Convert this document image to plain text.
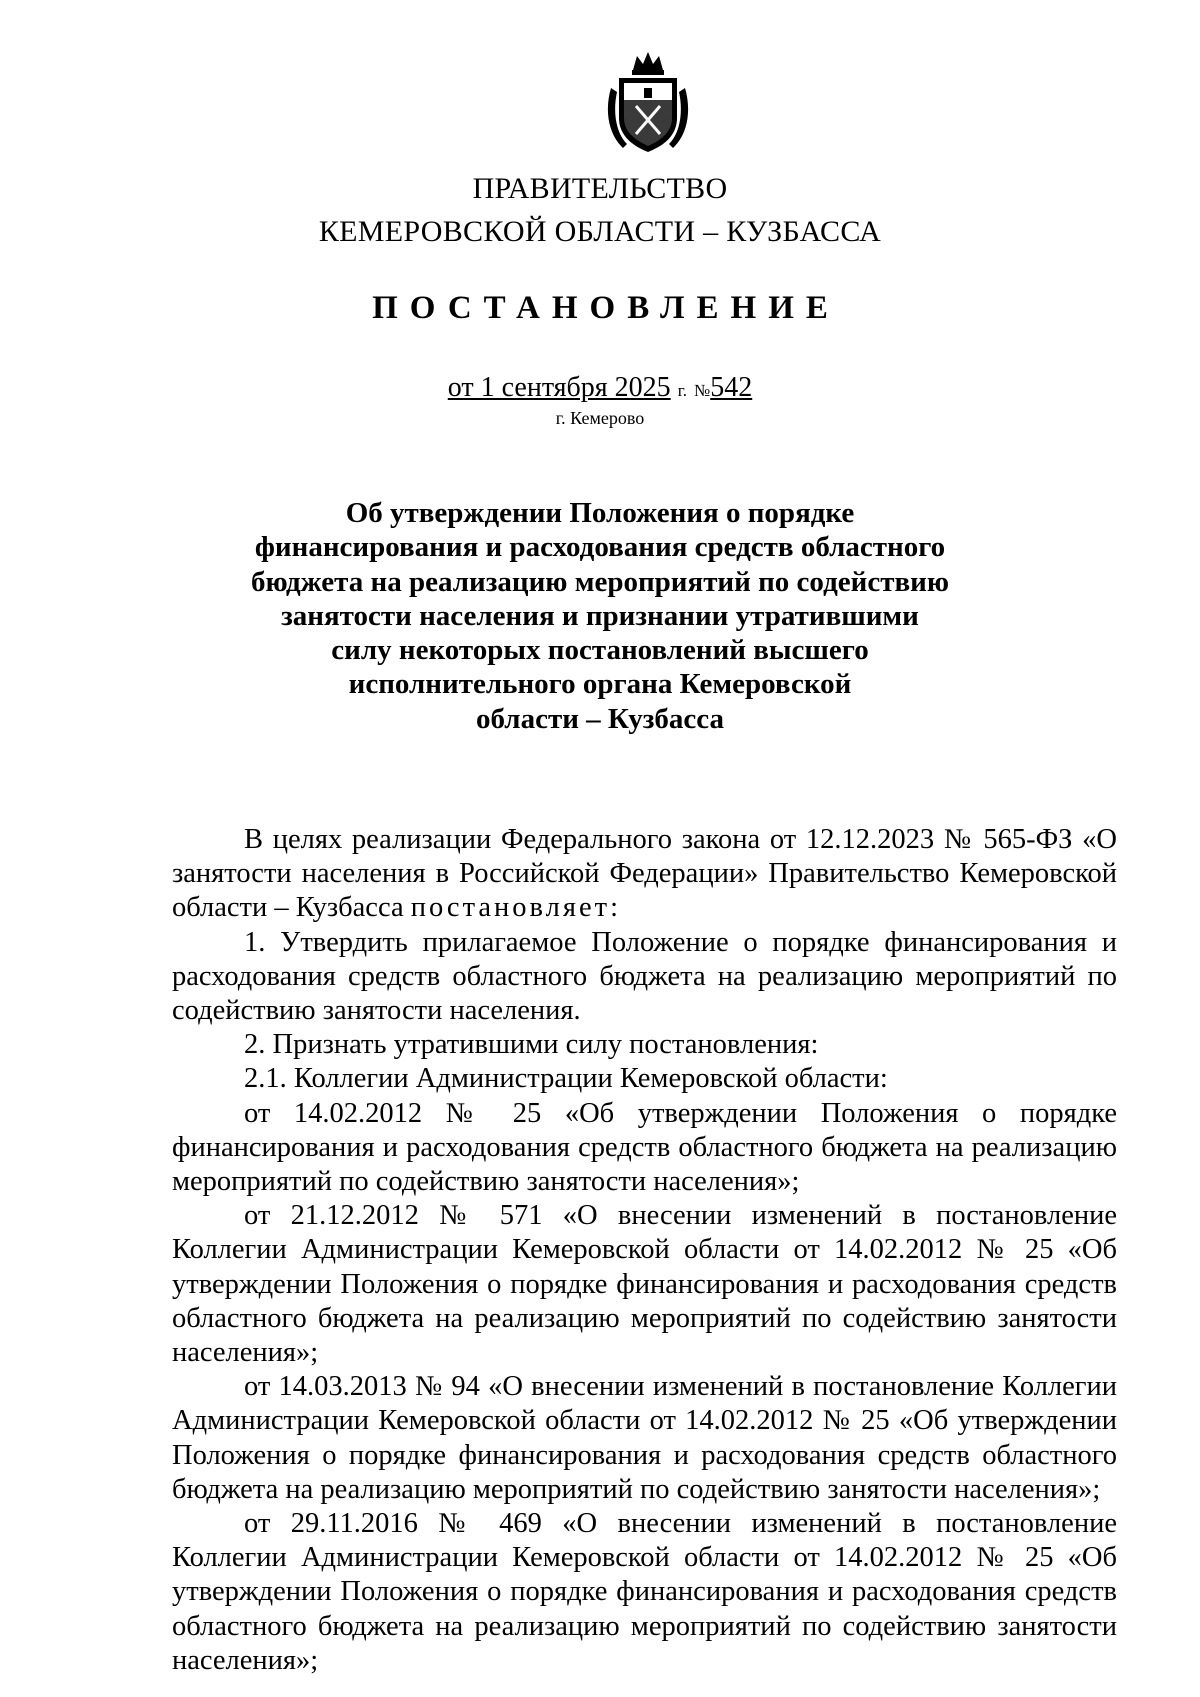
ПРАВИТЕЛЬСТВО
КЕМЕРОВСКОЙ ОБЛАСТИ – КУЗБАССА
ПОСТАНОВЛЕНИЕ
от 1 сентября 2025 г. №542
г. Кемерово
Об утверждении Положения о порядке
финансирования и расходования средств областного
бюджета на реализацию мероприятий по содействию
занятости населения и признании утратившими
силу некоторых постановлений высшего
исполнительного органа Кемеровской
области – Кузбасса

В целях реализации Федерального закона от 12.12.2023 № 565-ФЗ «О занятости населения в Российской Федерации» Правительство Кемеровской области – Кузбасса постановляет:

1. Утвердить прилагаемое Положение о порядке финансирования и расходования средств областного бюджета на реализацию мероприятий по содействию занятости населения.

2. Признать утратившими силу постановления:

2.1. Коллегии Администрации Кемеровской области:

от 14.02.2012 № 25 «Об утверждении Положения о порядке финансирования и расходования средств областного бюджета на реализацию мероприятий по содействию занятости населения»;

от 21.12.2012 № 571 «О внесении изменений в постановление Коллегии Администрации Кемеровской области от 14.02.2012 № 25 «Об утверждении Положения о порядке финансирования и расходования средств областного бюджета на реализацию мероприятий по содействию занятости населения»;

от 14.03.2013 № 94 «О внесении изменений в постановление Коллегии Администрации Кемеровской области от 14.02.2012 № 25 «Об утверждении Положения о порядке финансирования и расходования средств областного бюджета на реализацию мероприятий по содействию занятости населения»;

от 29.11.2016 № 469 «О внесении изменений в постановление Коллегии Администрации Кемеровской области от 14.02.2012 № 25 «Об утверждении Положения о порядке финансирования и расходования средств областного бюджета на реализацию мероприятий по содействию занятости населения»;
